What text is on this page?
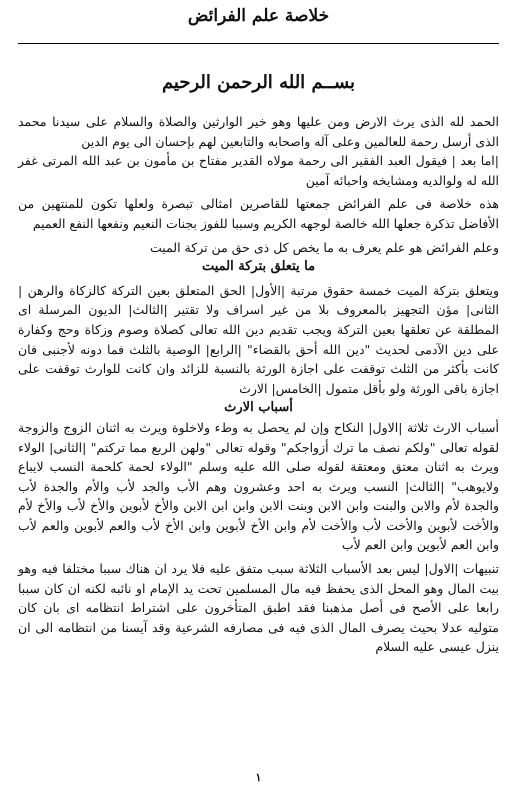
خلاصة علم الفرائض
بســم الله الرحمن الرحيم

الحمد لله الذى يرث الارض ومن عليها وهو خير الوارثين والصلاة والسلام على سيدنا محمد الذى أرسل رحمة للعالمين وعلى آله واصحابه والتابعين لهم بإحسان الى يوم الدين

|اما بعد | فيقول العبد الفقير الى رحمة مولاه القدير مفتاح بن مأمون بن عبد الله المرتى غفر الله له ولوالديه ومشايخه واحبائه آمين

هذه خلاصة فى علم الفرائض جمعتها للقاصرين امثالى تبصرة ولعلها تكون للمنتهين من الأفاضل تذكرة جعلها الله خالصة لوجهه الكريم وسببا للفوز بجنات النعيم ونفعها النفع العميم

وعلم الفرائض هو علم يعرف به ما يخص كل ذى حق من تركة الميت

ما يتعلق بتركة الميت

ويتعلق بتركة الميت خمسة حقوق مرتبة |الأول| الحق المتعلق بعين التركة كالزكاة والرهن |الثانى| مؤن التجهيز بالمعروف بلا من غير اسراف ولا تقتير |الثالث| الديون المرسلة اى المطلقة عن تعلقها بعين التركة ويجب تقديم دين الله تعالى كصلاة وصوم وزكاة وحج وكفارة على دين الآدمى لحديث "دين الله أحق بالقضاء" |الرابع| الوصية بالثلث فما دونه لأجنبى فان كانت بأكثر من الثلث توقفت على اجازة الورثة بالنسبة للزائد وان كانت للوارث توقفت على اجازة باقى الورثة ولو بأقل متمول |الخامس| الارث

أسباب الارث

أسباب الارث ثلاثة |الاول| النكاح وإن لم يحصل به وطء ولاخلوة ويرث به اثنان الزوج والزوجة لقوله تعالى "ولكم نصف ما ترك أزواجكم" وقوله تعالى "ولهن الربع مما تركتم" |الثانى| الولاء ويرث به اثنان معتق ومعتقة لقوله صلى الله عليه وسلم "الولاء لحمة كلحمة النسب لايباع ولايوهب" |الثالث| النسب ويرث به احد وعشرون وهم الأب والجد لأب والأم والجدة لأب والجدة لأم والابن والبنت وابن الابن وبنت الابن وابن ابن الابن والأخ لأبوين والأخ لأب والأخ لأم والأخت لأبوين والأخت لأب والأخت لأم وابن الأخ لأبوين وابن الأخ لأب والعم لأبوين والعم لأب وابن العم لأبوين وابن العم لأب

تنبيهات |الاول| ليس بعد الأسباب الثلاثة سبب متفق عليه فلا يرد ان هناك سببا مختلفا فيه وهو بيت المال وهو المحل الذى يحفظ فيه مال المسلمين تحت يد الإمام او نائبه لكنه ان كان سببا رابعا على الأصح فى أصل مذهبنا فقد اطبق المتأخرون على اشتراط انتظامه اى بان كان متوليه عدلا بحيث يصرف المال الذى فيه فى مصارفه الشرعية وقد آيسنا من انتظامه الى ان ينزل عيسى عليه السلام

١
